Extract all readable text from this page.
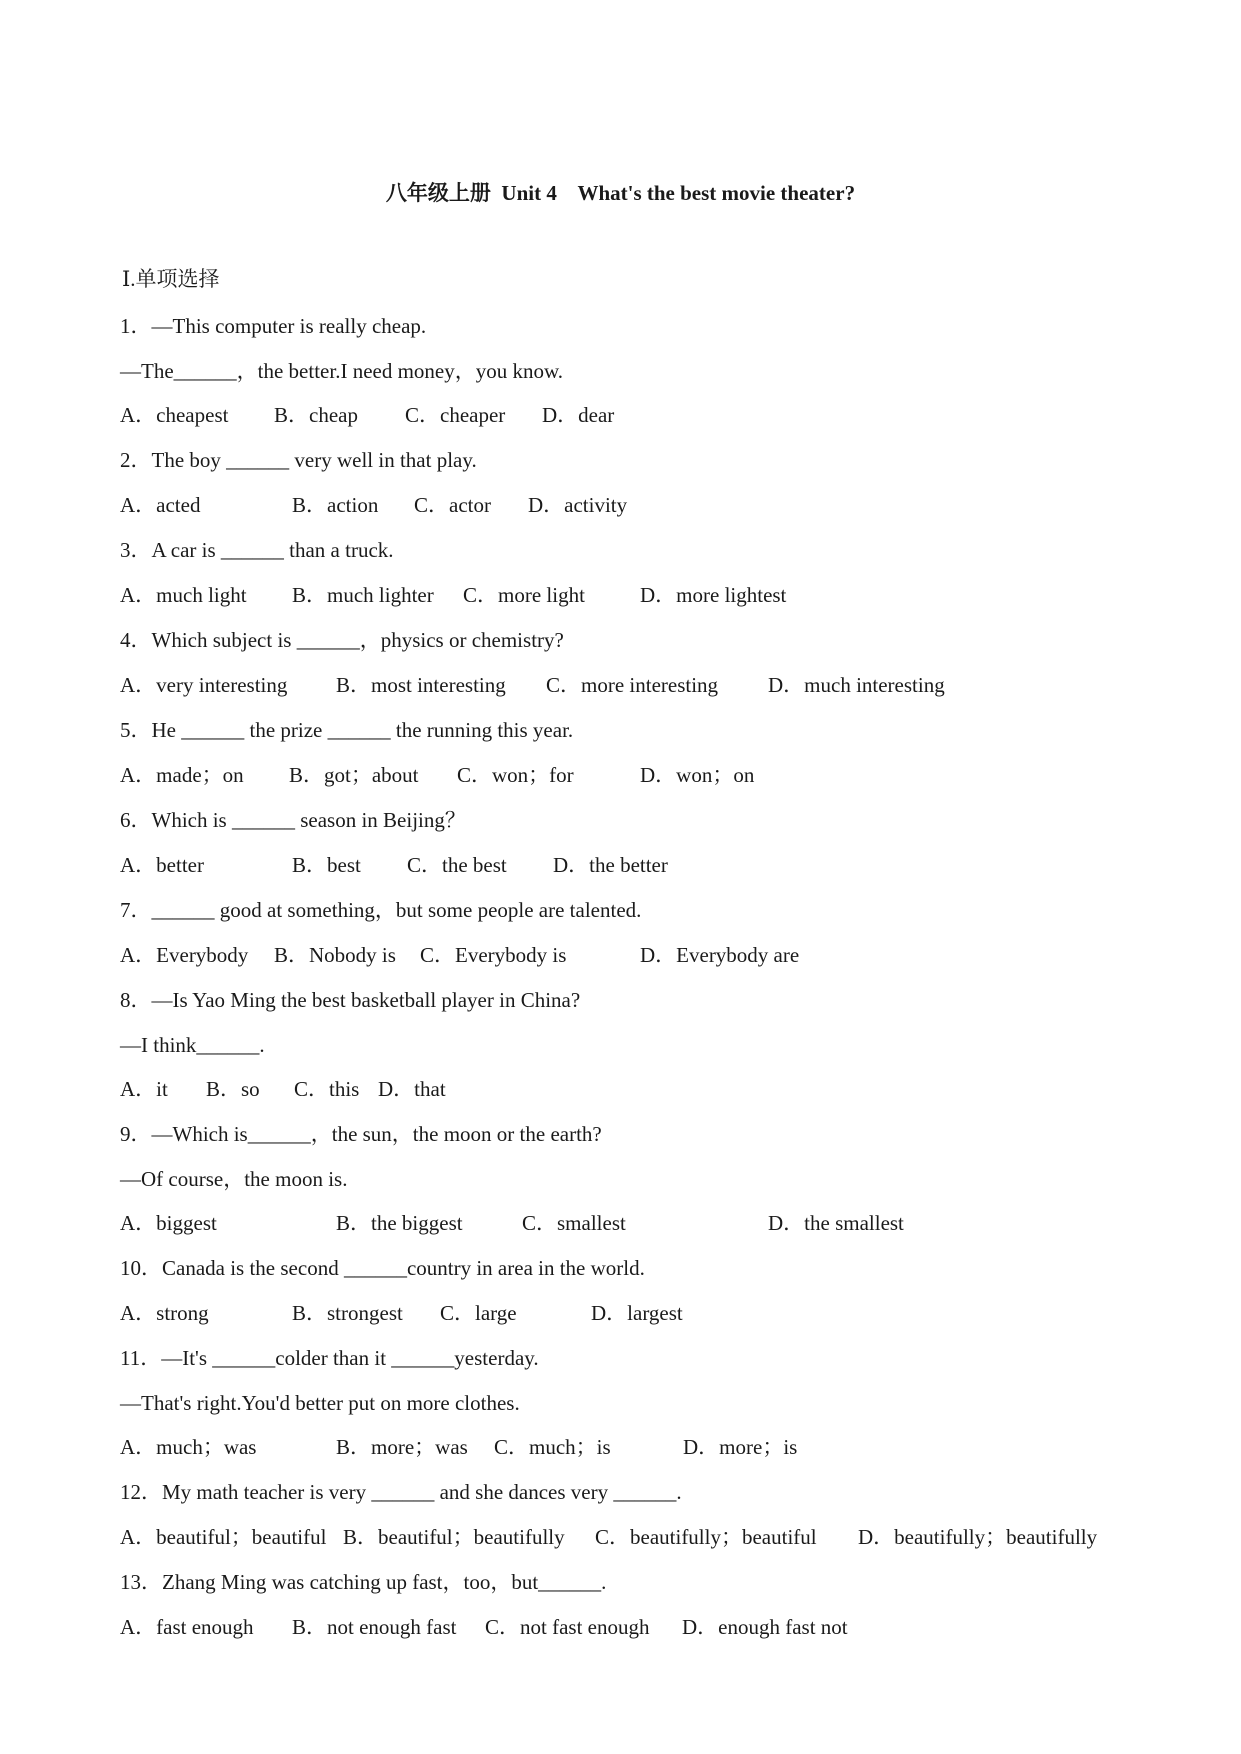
八年级上册  Unit 4    What's the best movie theater?
Ⅰ.单项选择
1．—This computer is really cheap.
—The______，the better.I need money，you know.
A．cheapest B．cheap C．cheaper D．dear
2．The boy ______ very well in that play.
A．acted	B．action C．actor D．activity
3．A car is ______ than a truck.
A．much light B．much lighter C．more light	D．more lightest
4．Which subject is ______，physics or chemistry?
A．very interesting B．most interesting C．more interesting D．much interesting
5．He ______ the prize ______ the running this year.
A．made；on B．got；about C．won；for	D．won；on
6．Which is ______ season in Beijing？
A．better	B．best C．the best D．the better
7．______ good at something，but some people are talented.
A．Everybody B．Nobody is C．Everybody is	D．Everybody are
8．—Is Yao Ming the best basketball player in China?
—I think______.
A．it B．so C．this D．that
9．—Which is______，the sun，the moon or the earth?
—Of course，the moon is.
A．biggest	B．the biggest	C．smallest	D．the smallest
10．Canada is the second ______country in area in the world.
A．strong	B．strongest C．large	D．largest
11．—It's ______colder than it ______yesterday.
—That's right.You'd better put on more clothes.
A．much；was	B．more；was C．much；is	D．more；is
12．My math teacher is very ______ and she dances very ______.
A．beautiful；beautiful B．beautiful；beautifully C．beautifully；beautiful D．beautifully；beautifully
13．Zhang Ming was catching up fast，too，but______.
A．fast enough B．not enough fast C．not fast enough D．enough fast not
